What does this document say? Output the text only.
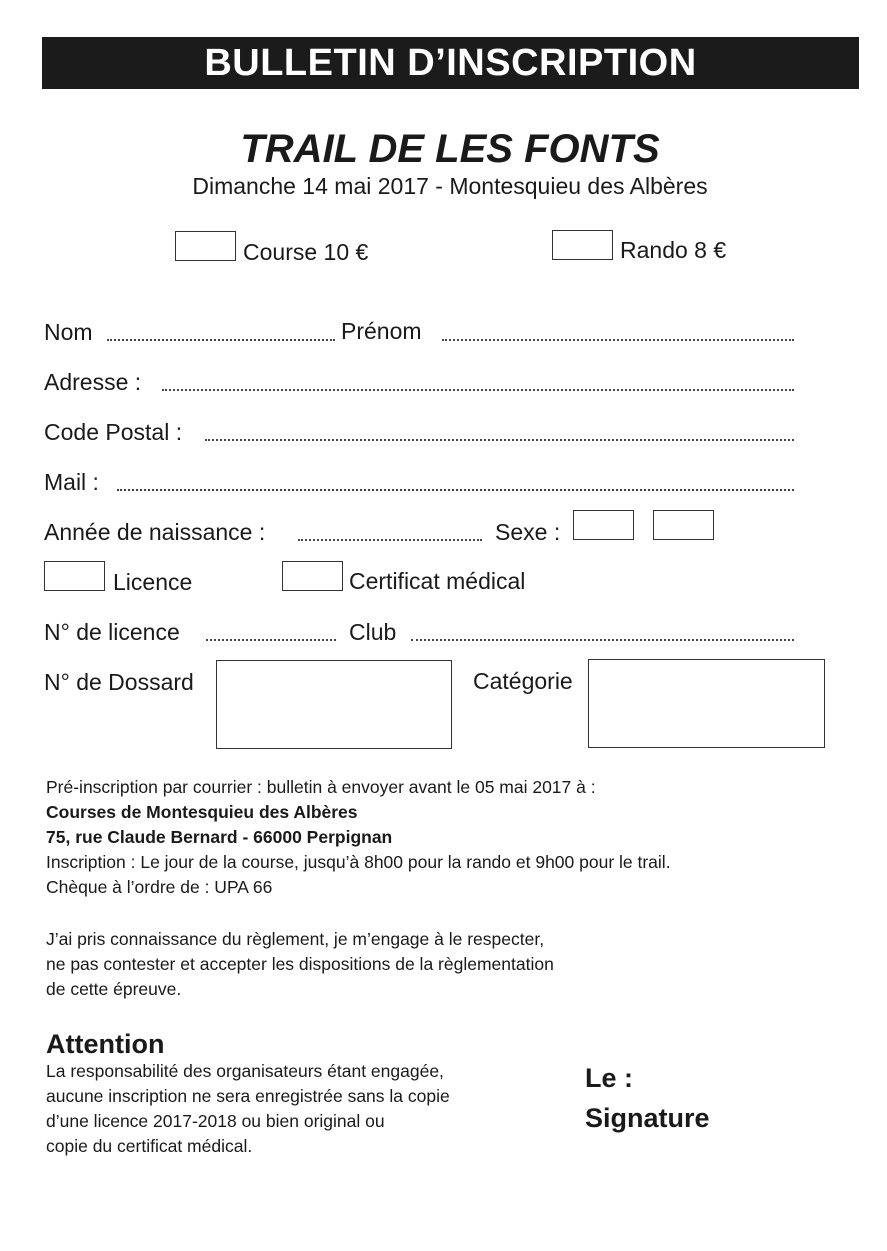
BULLETIN D’INSCRIPTION
TRAIL DE LES FONTS
Dimanche 14 mai 2017 - Montesquieu des Albères
Course 10 €	Rando 8 €
Nom	Prénom
Adresse :
Code Postal :
Mail :
Année de naissance :	Sexe :
Licence	Certificat médical
N° de licence	Club
N° de Dossard	Catégorie
Pré-inscription par courrier : bulletin à envoyer avant le 05 mai 2017 à :
Courses de Montesquieu des Albères
75, rue Claude Bernard - 66000 Perpignan
Inscription : Le jour de la course, jusqu’à 8h00 pour la rando et 9h00 pour le trail.
Chèque à l’ordre de : UPA 66
J’ai pris connaissance du règlement, je m’engage à le respecter,
ne pas contester et accepter les dispositions de la règlementation
de cette épreuve.
Attention
La responsabilité des organisateurs étant engagée,
aucune inscription ne sera enregistrée sans la copie
d’une licence 2017-2018 ou bien original ou
copie du certificat médical.
Le :
Signature
